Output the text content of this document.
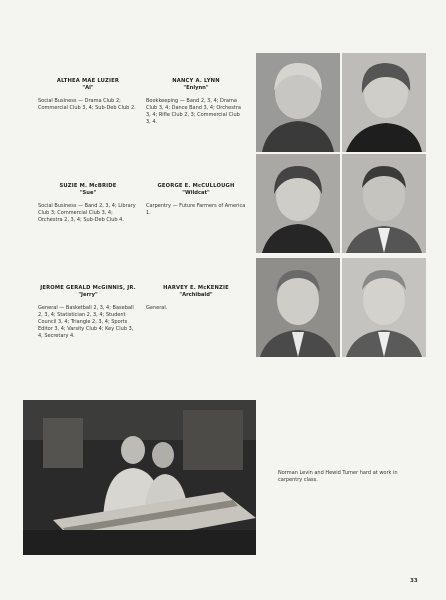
ALTHEA MAE LUZIER
"Al"
Social Business — Drama Club 2; Commercial Club 3, 4; Sub-Deb Club 2.
NANCY A. LYNN
"Enlynn"
Bookkeeping — Band 2, 3, 4; Drama Club 3, 4; Dance Band 3, 4; Orchestra 3, 4; Rifle Club 2, 3; Commercial Club 3, 4.
SUZIE M. McBRIDE
"Sue"
Social Business — Band 2, 3, 4; Library Club 3; Commercial Club 3, 4; Orchestra 2, 3, 4; Sub-Deb Club 4.
GEORGE E. McCULLOUGH
"Wildcat"
Carpentry — Future Farmers of America 1.
JEROME GERALD McGINNIS, JR.
"Jerry"
General — Basketball 2, 3, 4; Baseball 2, 3, 4; Statistician 2, 3, 4; Student Council 3, 4; Triangle 2, 3, 4; Sports Editor 3, 4; Varsity Club 4; Key Club 3, 4, Secretary 4.
HARVEY E. McKENZIE
"Archibald"
General.
Norman Levin and Hewid Turner hard at work in carpentry class.
33
